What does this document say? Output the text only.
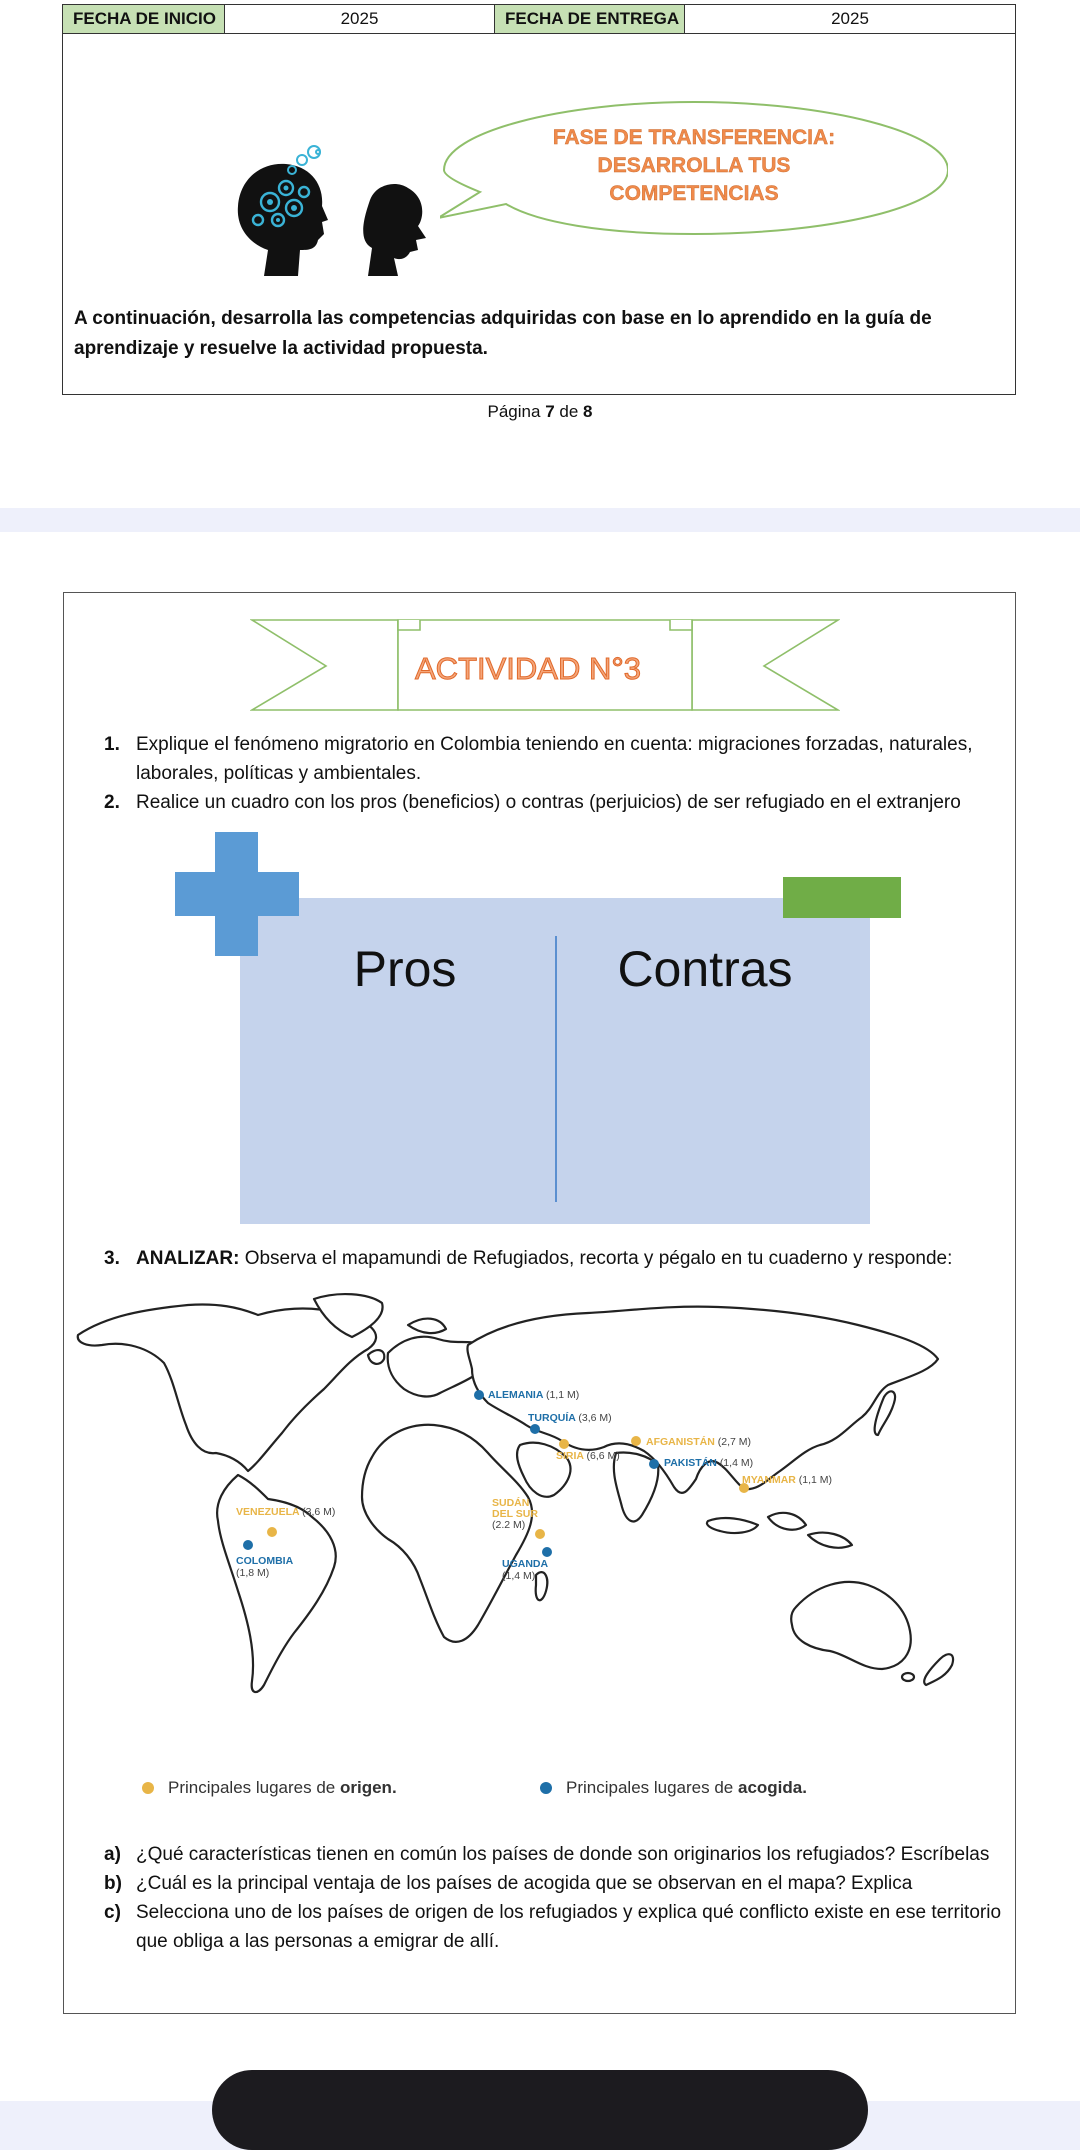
FECHA DE INICIO	2025	FECHA DE ENTREGA	2025
FASE DE TRANSFERENCIA:
DESARROLLA TUS
COMPETENCIAS
A continuación, desarrolla las competencias adquiridas con base en lo aprendido en la guía de aprendizaje y resuelve la actividad propuesta.
Página 7 de 8
ACTIVIDAD N°3
1. Explique el fenómeno migratorio en Colombia teniendo en cuenta: migraciones forzadas, naturales, laborales, políticas y ambientales.
2. Realice un cuadro con los pros (beneficios) o contras (perjuicios) de ser refugiado en el extranjero
Pros	Contras
3. ANALIZAR: Observa el mapamundi de Refugiados, recorta y pégalo en tu cuaderno y responde:
ALEMANIA (1,1 M)
TURQUÍA (3,6 M)
AFGANISTÁN (2,7 M)
SIRIA (6,6 M)
PAKISTÁN (1,4 M)
MYANMAR (1,1 M)
VENEZUELA (3,6 M)
COLOMBIA
(1,8 M)
SUDÁN
DEL SUR
(2.2 M)
UGANDA
(1,4 M)
Principales lugares de
origen.	Principales lugares de
acogida.
a) ¿Qué características tienen en común los países de donde son originarios los refugiados? Escríbelas
b) ¿Cuál es la principal ventaja de los países de acogida que se observan en el mapa? Explica
c) Selecciona uno de los países de origen de los refugiados y explica qué conflicto existe en ese territorio que obliga a las personas a emigrar de allí.
